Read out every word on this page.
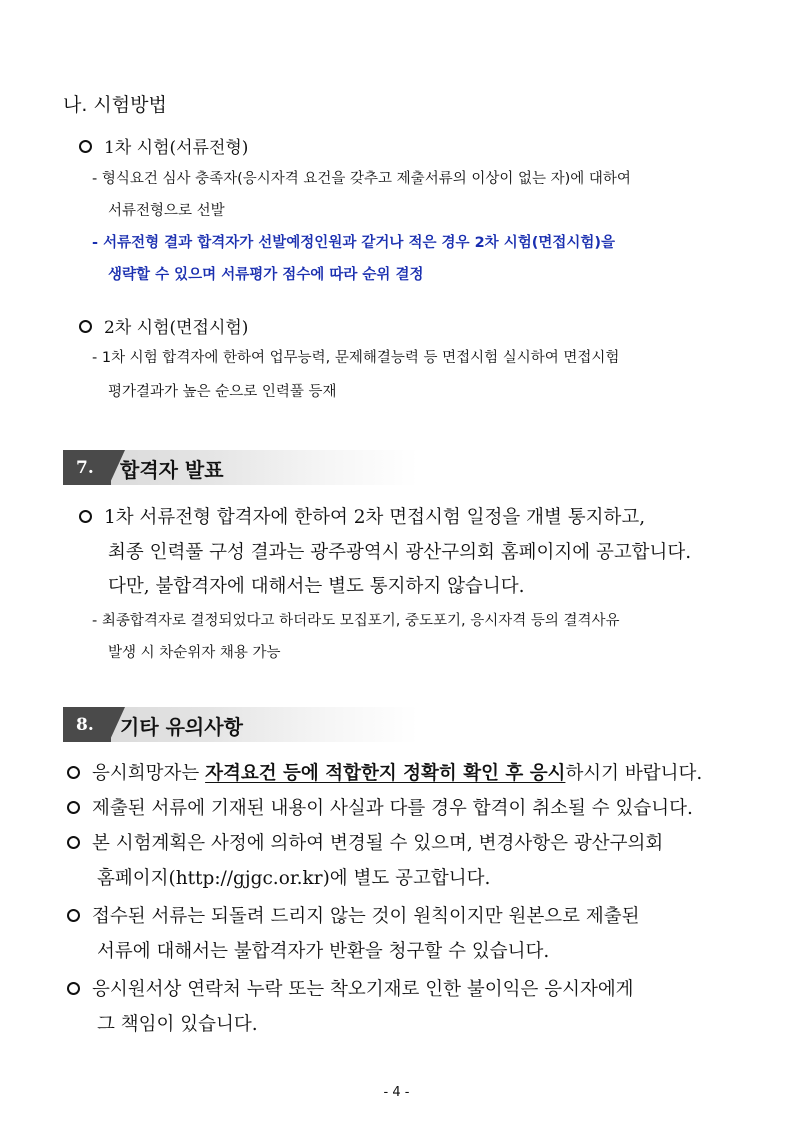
나. 시험방법
1차 시험(서류전형)
- 형식요건 심사 충족자(응시자격 요건을 갖추고 제출서류의 이상이 없는 자)에 대하여
서류전형으로 선발
- 서류전형 결과 합격자가 선발예정인원과 같거나 적은 경우 2차 시험(면접시험)을
생략할 수 있으며 서류평가 점수에 따라 순위 결정
2차 시험(면접시험)
- 1차 시험 합격자에 한하여 업무능력, 문제해결능력 등 면접시험 실시하여 면접시험
평가결과가 높은 순으로 인력풀 등재
7. 합격자 발표
1차 서류전형 합격자에 한하여 2차 면접시험 일정을 개별 통지하고,
최종 인력풀 구성 결과는 광주광역시 광산구의회 홈페이지에 공고합니다.
다만, 불합격자에 대해서는 별도 통지하지 않습니다.
- 최종합격자로 결정되었다고 하더라도 모집포기, 중도포기, 응시자격 등의 결격사유
발생 시 차순위자 채용 가능
8. 기타 유의사항
응시희망자는 자격요건 등에 적합한지 정확히 확인 후 응시하시기 바랍니다.
제출된 서류에 기재된 내용이 사실과 다를 경우 합격이 취소될 수 있습니다.
본 시험계획은 사정에 의하여 변경될 수 있으며, 변경사항은 광산구의회
홈페이지(http://gjgc.or.kr)에 별도 공고합니다.
접수된 서류는 되돌려 드리지 않는 것이 원칙이지만 원본으로 제출된
서류에 대해서는 불합격자가 반환을 청구할 수 있습니다.
응시원서상 연락처 누락 또는 착오기재로 인한 불이익은 응시자에게
그 책임이 있습니다.
- 4 -
